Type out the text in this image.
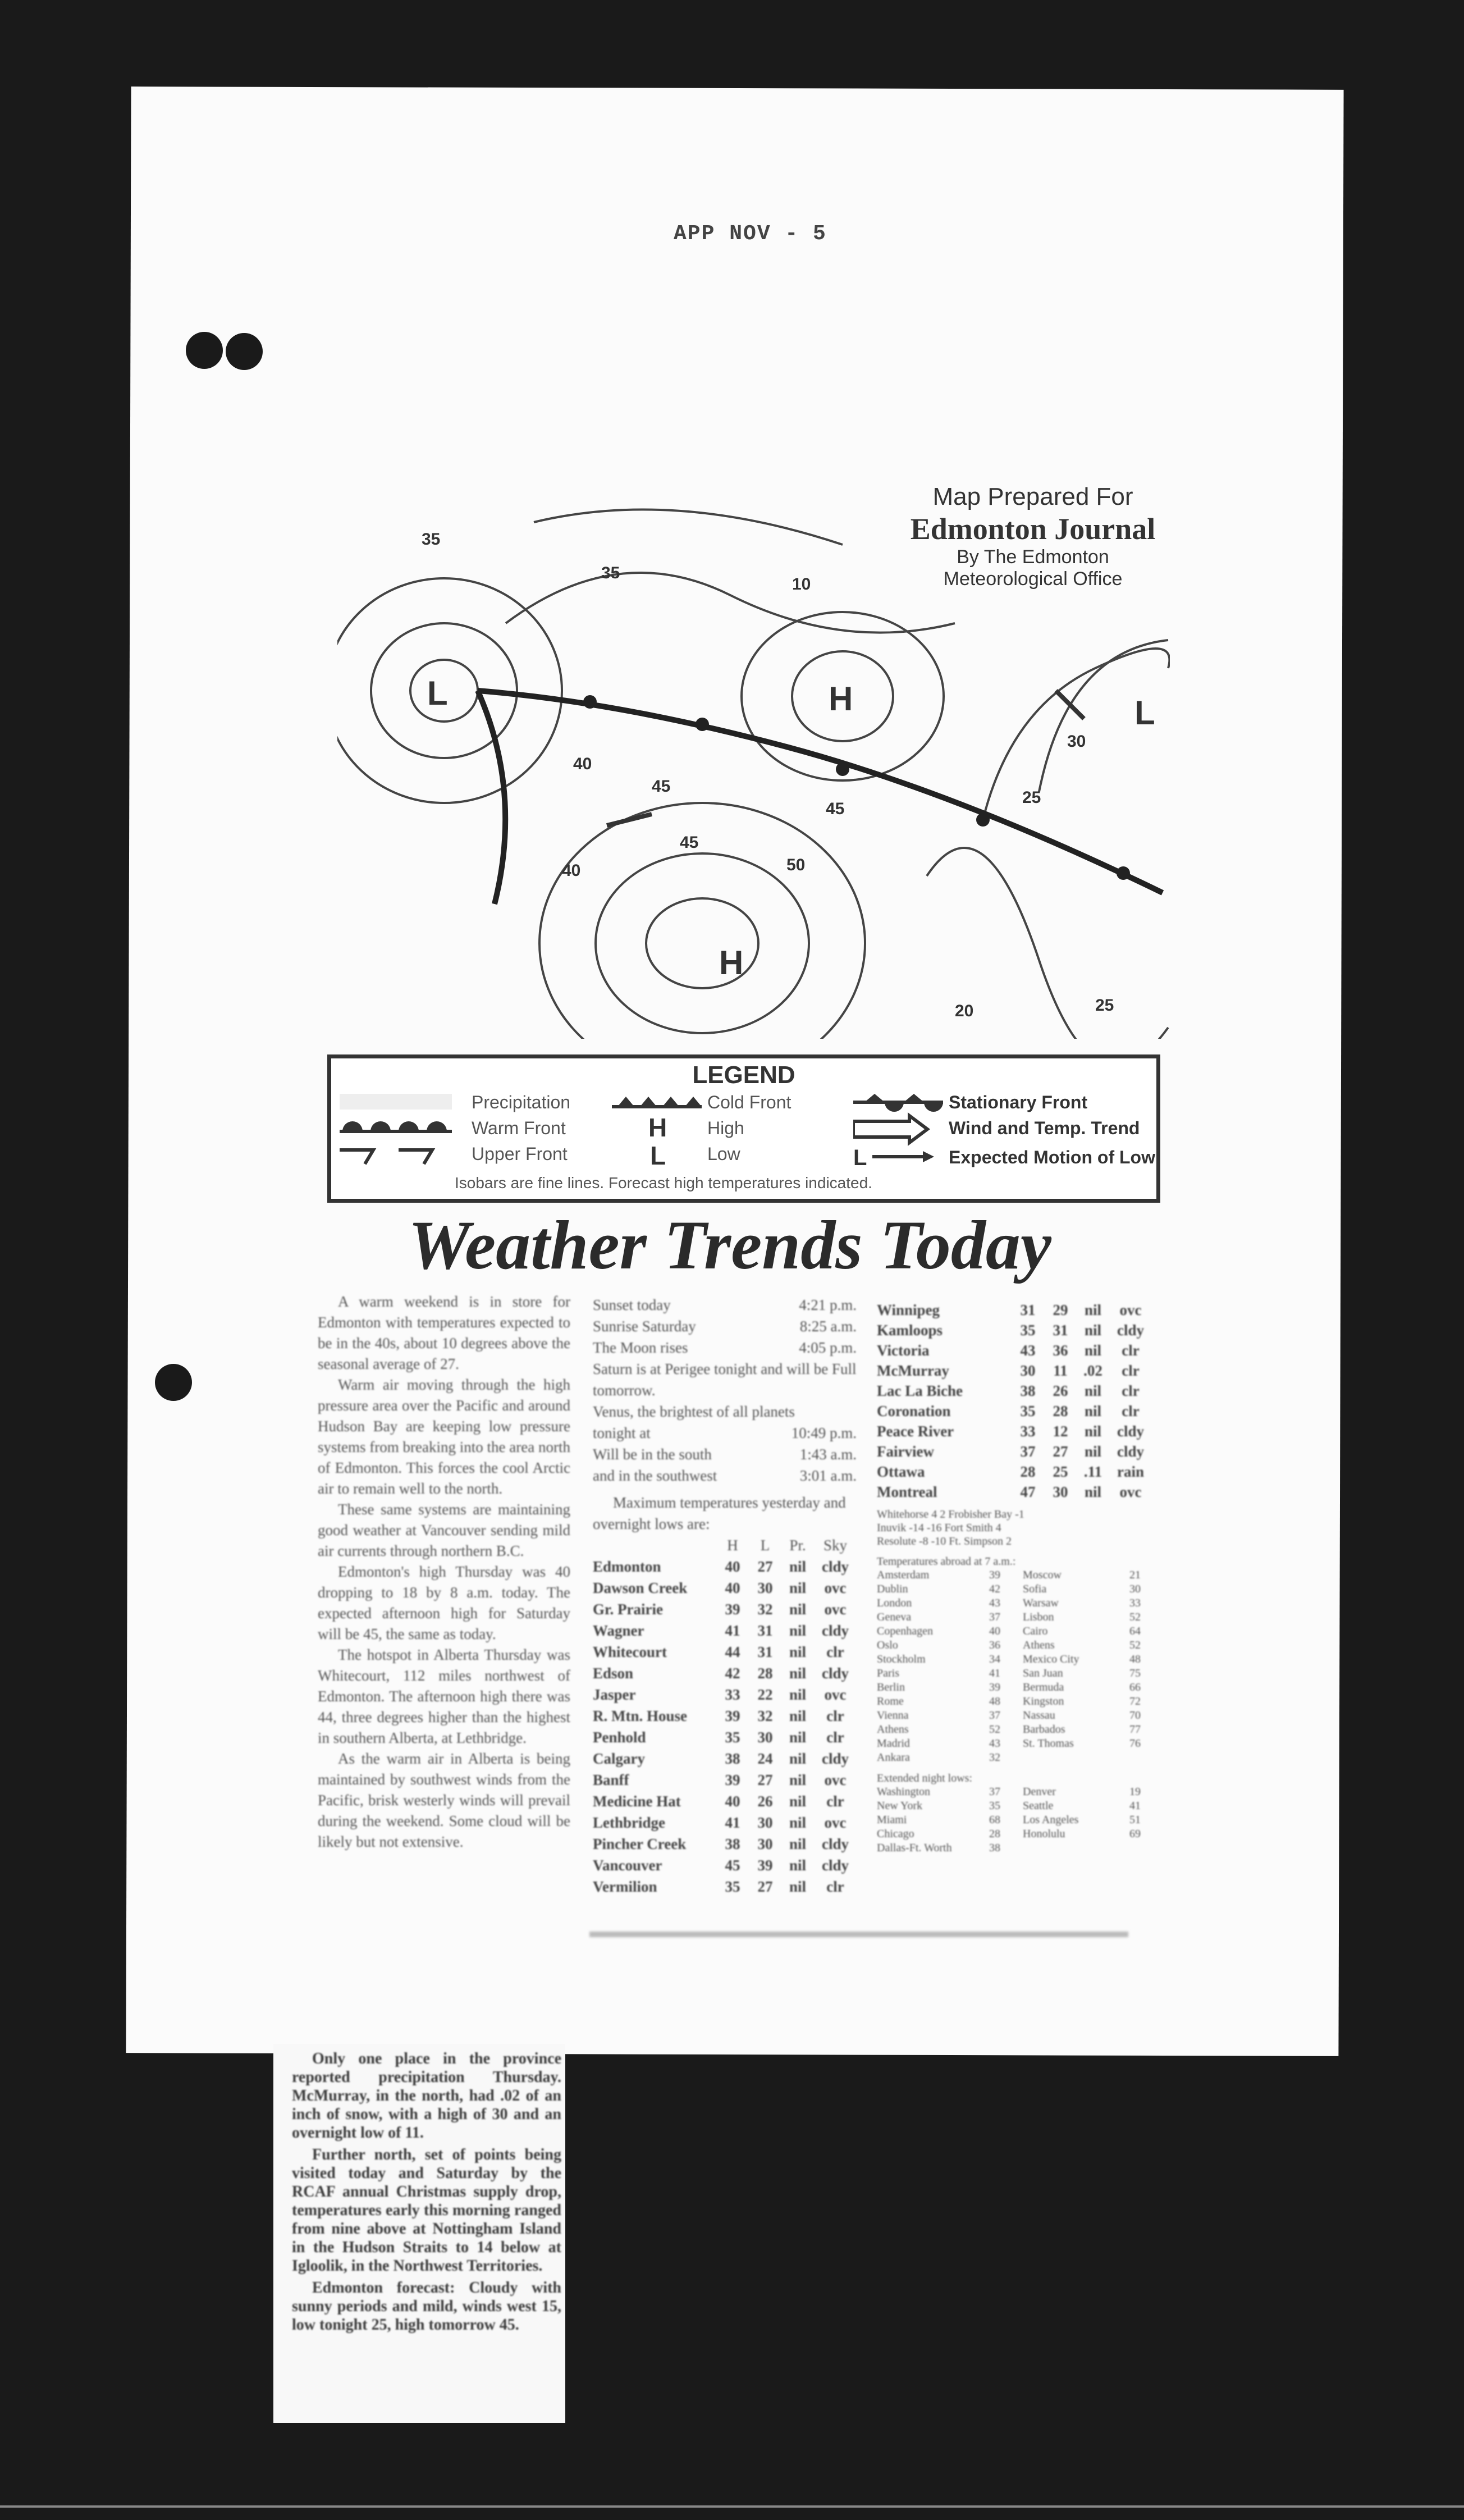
APP NOV - 5
L	H
H
L
35
40
45
45
40
35
45
50
10
25
30
20	25
Map Prepared For
Edmonton Journal
By The Edmonton
Meteorological Office
LEGEND
Precipitation
Warm Front
Upper Front
Cold Front
H High
L Low	L
Stationary Front
Wind and Temp. Trend
Expected Motion of Low
Isobars are fine lines. Forecast high temperatures indicated.
Weather Trends Today

A warm weekend is in store for Edmonton with temperatures expected to be in the 40s, about 10 degrees above the seasonal average of 27.

Warm air moving through the high pressure area over the Pacific and around Hudson Bay are keeping low pressure systems from breaking into the area north of Edmonton. This forces the cool Arctic air to remain well to the north.

These same systems are maintaining good weather at Vancouver sending mild air currents through northern B.C.

Edmonton's high Thursday was 40 dropping to 18 by 8 a.m. today. The expected afternoon high for Saturday will be 45, the same as today.

The hotspot in Alberta Thursday was Whitecourt, 112 miles northwest of Edmonton. The afternoon high there was 44, three degrees higher than the highest in southern Alberta, at Lethbridge.

As the warm air in Alberta is being maintained by southwest winds from the Pacific, brisk westerly winds will prevail during the weekend. Some cloud will be likely but not extensive.

Only one place in the province reported precipitation Thursday. McMurray, in the north, had .02 of an inch of snow, with a high of 30 and an overnight low of 11.

Further north, set of points being visited today and Saturday by the RCAF annual Christmas supply drop, temperatures early this morning ranged from nine above at Nottingham Island in the Hudson Straits to 14 below at Igloolik, in the Northwest Territories.

Edmonton forecast: Cloudy with sunny periods and mild, winds west 15, low tonight 25, high tomorrow 45.

Sunset today	4:21 p.m.
Sunrise Saturday	8:25 a.m.
The Moon rises	4:05 p.m.
Saturn is at Perigee tonight and will be Full tomorrow.
Venus, the brightest of all planets
tonight at	10:49 p.m.
Will be in the south	1:43 a.m.
and in the southwest	3:01 a.m.
Maximum temperatures yesterday and overnight lows are:
H	L	Pr.	Sky
Edmonton	40	27	nil	cldy
Dawson Creek	40	30	nil	ovc
Gr. Prairie	39	32	nil	ovc
Wagner	41	31	nil	cldy
Whitecourt	44	31	nil	clr
Edson	42	28	nil	cldy
Jasper	33	22	nil	ovc
R. Mtn. House	39	32	nil	clr
Penhold	35	30	nil	clr
Calgary	38	24	nil	cldy
Banff	39	27	nil	ovc
Medicine Hat	40	26	nil	clr
Lethbridge	41	30	nil	ovc
Pincher Creek	38	30	nil	cldy
Vancouver	45	39	nil	cldy
Vermilion	35	27	nil	clr
Winnipeg	31	29	nil	ovc
Kamloops	35	31	nil	cldy
Victoria	43	36	nil	clr
McMurray	30	11	.02	clr
Lac La Biche	38	26	nil	clr
Coronation	35	28	nil	clr
Peace River	33	12	nil	cldy
Fairview	37	27	nil	cldy
Ottawa	28	25	.11 rain
Montreal	47	30	nil	ovc
Whitehorse 4 2 Frobisher Bay -1
Inuvik -14 -16 Fort Smith 4
Resolute -8 -10 Ft. Simpson 2
Temperatures abroad at 7 a.m.:
Amsterdam	39	Moscow	21
Dublin	42	Sofia	30
London	43	Warsaw	33
Geneva	37	Lisbon	52
Copenhagen	40	Cairo	64
Oslo	36	Athens	52
Stockholm	34	Mexico City	48
Paris	41	San Juan	75
Berlin	39	Bermuda	66
Rome	48	Kingston	72
Vienna	37	Nassau	70
Athens	52	Barbados	77
Madrid	43	St. Thomas	76
Ankara	32
Extended night lows:
Washington	37	Denver	19
New York	35	Seattle	41
Miami	68	Los Angeles	51
Chicago	28	Honolulu	69
Dallas-Ft. Worth	38
